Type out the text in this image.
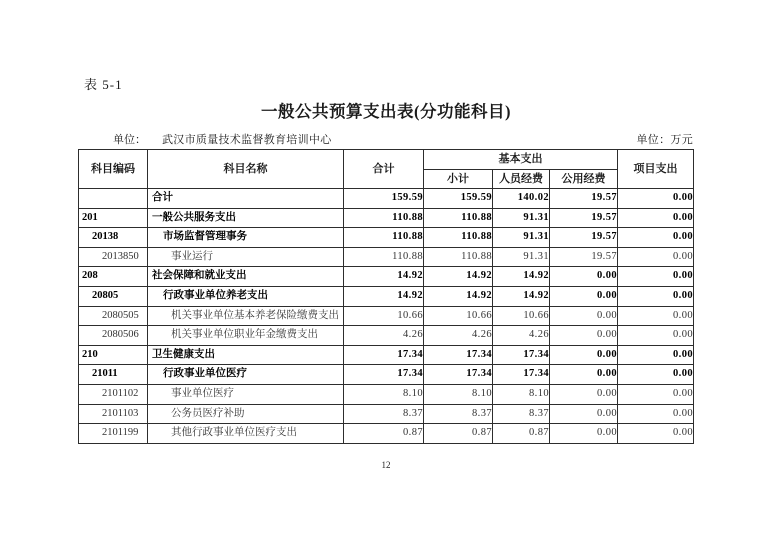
表 5-1
一般公共预算支出表(分功能科目)
单位： 武汉市质量技术监督教育培训中心	单位：万元
科目编码	科目名称	合计	基本支出			项目支出
			小计	人员经费	公用经费	
	合计	159.59	159.59	140.02	19.57	0.00
201	一般公共服务支出	110.88	110.88	91.31	19.57	0.00
20138	市场监督管理事务	110.88	110.88	91.31	19.57	0.00
2013850	事业运行	110.88	110.88	91.31	19.57	0.00
208	社会保障和就业支出	14.92	14.92	14.92	0.00	0.00
20805	行政事业单位养老支出	14.92	14.92	14.92	0.00	0.00
2080505	机关事业单位基本养老保险缴费支出	10.66	10.66	10.66	0.00	0.00
2080506	机关事业单位职业年金缴费支出	4.26	4.26	4.26	0.00	0.00
210	卫生健康支出	17.34	17.34	17.34	0.00	0.00
21011	行政事业单位医疗	17.34	17.34	17.34	0.00	0.00
2101102	事业单位医疗	8.10	8.10	8.10	0.00	0.00
2101103	公务员医疗补助	8.37	8.37	8.37	0.00	0.00
2101199	其他行政事业单位医疗支出	0.87	0.87	0.87	0.00	0.00
12
